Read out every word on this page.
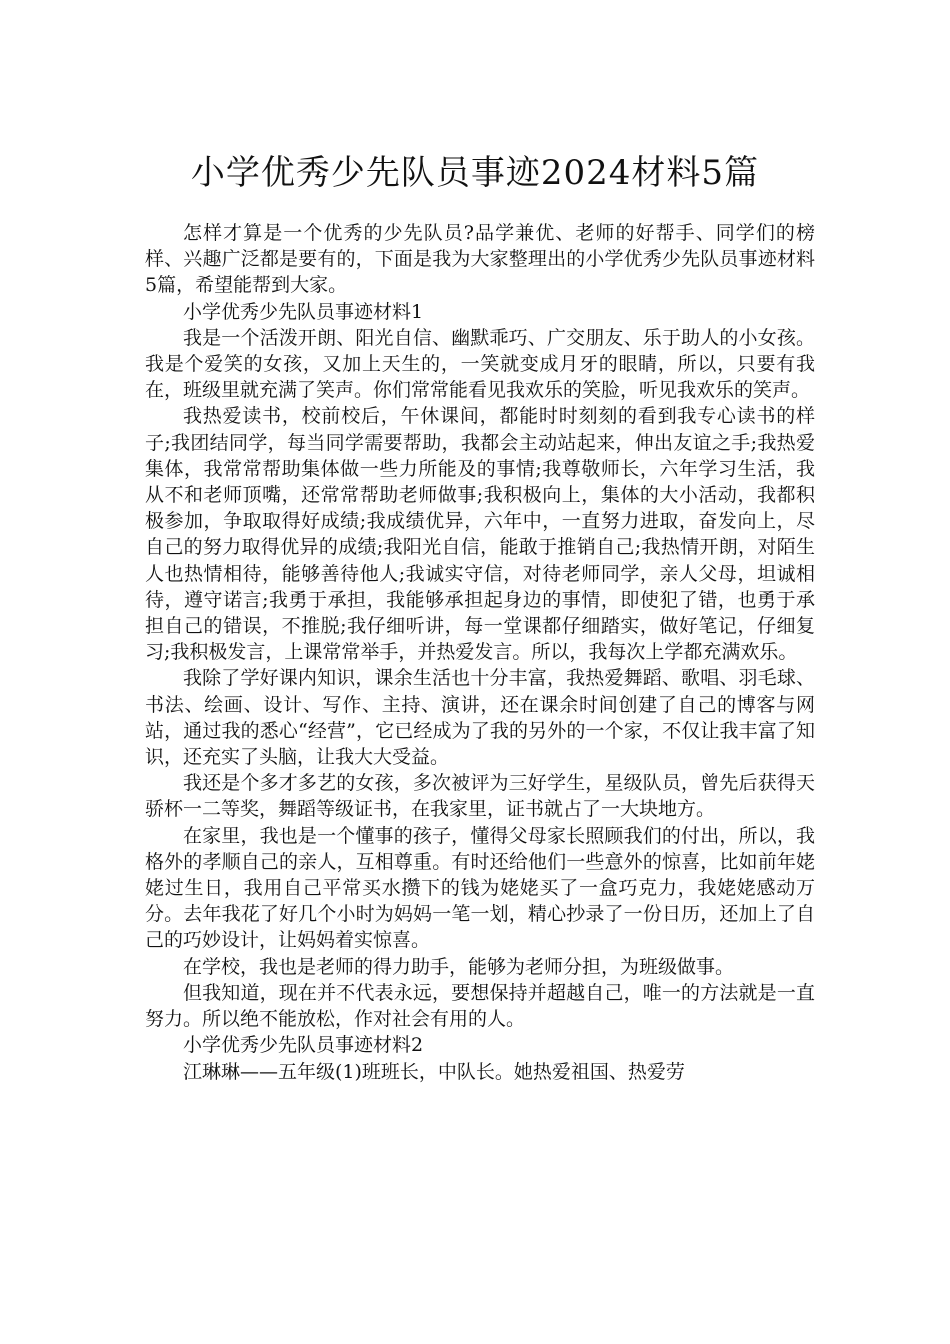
小学优秀少先队员事迹2024材料5篇

怎样才算是一个优秀的少先队员?品学兼优、老师的好帮手、同学们的榜样、兴趣广泛都是要有的，下面是我为大家整理出的小学优秀少先队员事迹材料5篇，希望能帮到大家。

小学优秀少先队员事迹材料1

我是一个活泼开朗、阳光自信、幽默乖巧、广交朋友、乐于助人的小女孩。我是个爱笑的女孩，又加上天生的，一笑就变成月牙的眼睛，所以，只要有我在，班级里就充满了笑声。你们常常能看见我欢乐的笑脸，听见我欢乐的笑声。

我热爱读书，校前校后，午休课间，都能时时刻刻的看到我专心读书的样子;我团结同学，每当同学需要帮助，我都会主动站起来，伸出友谊之手;我热爱集体，我常常帮助集体做一些力所能及的事情;我尊敬师长，六年学习生活，我从不和老师顶嘴，还常常帮助老师做事;我积极向上，集体的大小活动，我都积极参加，争取取得好成绩;我成绩优异，六年中，一直努力进取，奋发向上，尽自己的努力取得优异的成绩;我阳光自信，能敢于推销自己;我热情开朗，对陌生人也热情相待，能够善待他人;我诚实守信，对待老师同学，亲人父母，坦诚相待，遵守诺言;我勇于承担，我能够承担起身边的事情，即使犯了错，也勇于承担自己的错误，不推脱;我仔细听讲，每一堂课都仔细踏实，做好笔记，仔细复习;我积极发言，上课常常举手，并热爱发言。所以，我每次上学都充满欢乐。

我除了学好课内知识，课余生活也十分丰富，我热爱舞蹈、歌唱、羽毛球、书法、绘画、设计、写作、主持、演讲，还在课余时间创建了自己的博客与网站，通过我的悉心“经营”，它已经成为了我的另外的一个家，不仅让我丰富了知识，还充实了头脑，让我大大受益。

我还是个多才多艺的女孩，多次被评为三好学生，星级队员，曾先后获得天骄杯一二等奖，舞蹈等级证书，在我家里，证书就占了一大块地方。

在家里，我也是一个懂事的孩子，懂得父母家长照顾我们的付出，所以，我格外的孝顺自己的亲人，互相尊重。有时还给他们一些意外的惊喜，比如前年姥姥过生日，我用自己平常买水攒下的钱为姥姥买了一盒巧克力，我姥姥感动万分。去年我花了好几个小时为妈妈一笔一划，精心抄录了一份日历，还加上了自己的巧妙设计，让妈妈着实惊喜。

在学校，我也是老师的得力助手，能够为老师分担，为班级做事。

但我知道，现在并不代表永远，要想保持并超越自己，唯一的方法就是一直努力。所以绝不能放松，作对社会有用的人。

小学优秀少先队员事迹材料2

江琳琳——五年级(1)班班长，中队长。她热爱祖国、热爱劳
